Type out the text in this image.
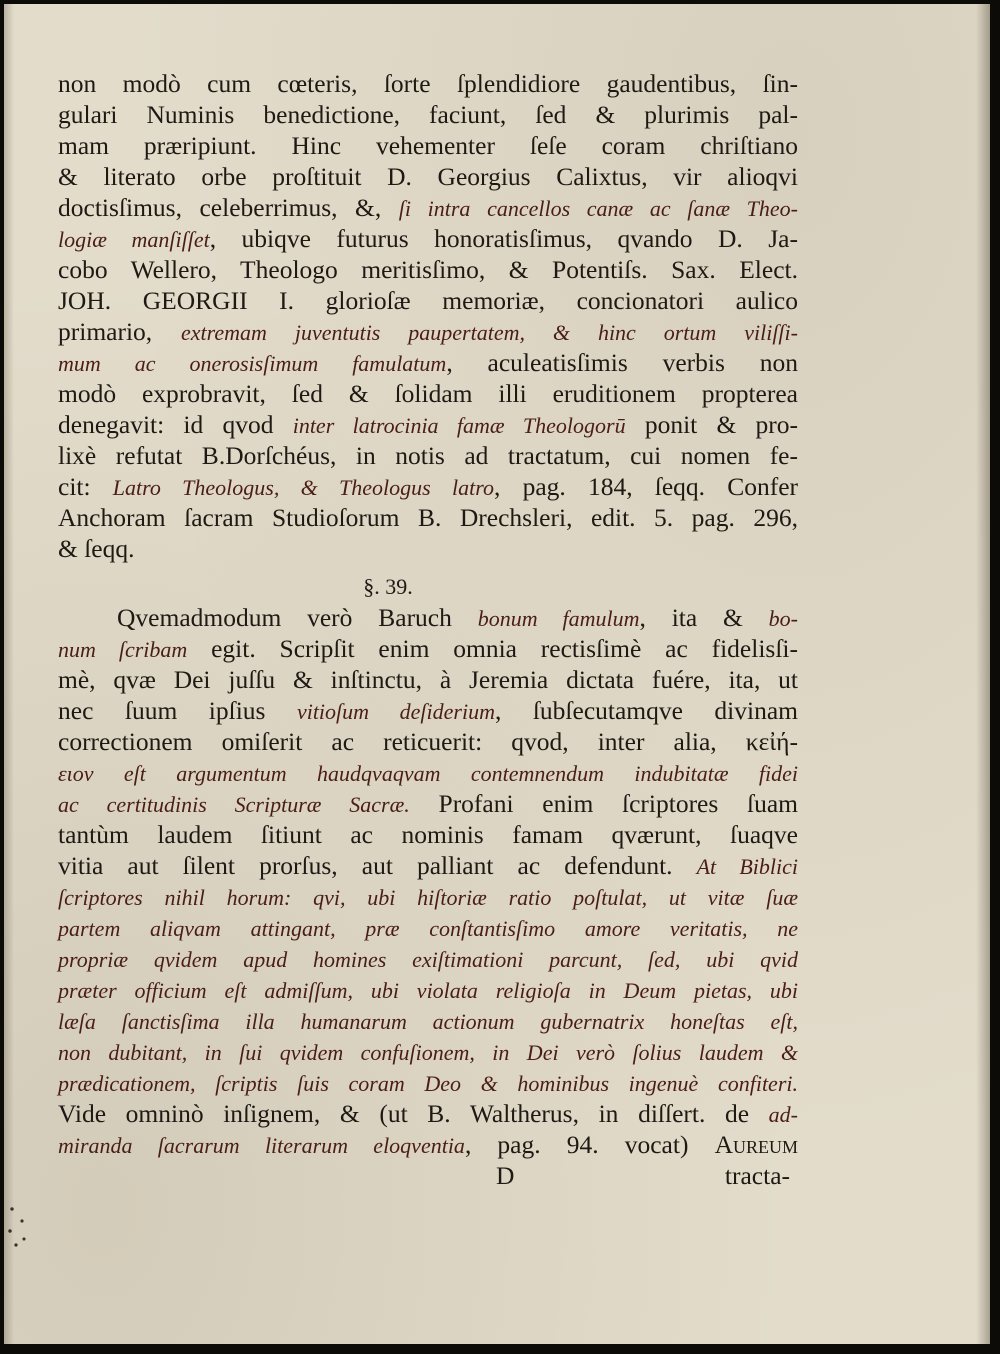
non modò cum cœteris, ſorte ſplendidiore gaudentibus, ſin-
gulari Numinis benedictione, faciunt, ſed & plurimis pal-
mam præripiunt. Hinc vehementer ſeſe coram chriſtiano
& literato orbe proſtituit D. Georgius Calixtus, vir alioqvi
doctisſimus, celeberrimus, &, ſi intra cancellos canæ ac ſanæ Theo-
logiæ manſiſſet, ubiqve futurus honoratisſimus, qvando D. Ja-
cobo Wellero, Theologo meritisſimo, & Potentiſs. Sax. Elect.
JOH. GEORGII I. glorioſæ memoriæ, concionatori aulico
primario, extremam juventutis paupertatem, & hinc ortum viliſſi-
mum ac onerosisſimum famulatum, aculeatisſimis verbis non
modò exprobravit, ſed & ſolidam illi eruditionem propterea
denegavit: id qvod inter latrocinia famæ Theologorū ponit & pro-
lixè refutat B.Dorſchéus, in notis ad tractatum, cui nomen fe-
cit: Latro Theologus, & Theologus latro, pag. 184, ſeqq. Confer
Anchoram ſacram Studioſorum B. Drechsleri, edit. 5. pag. 296,
& ſeqq.
§. 39.
Qvemadmodum verò Baruch bonum famulum, ita & bo-
num ſcribam egit. Scripſit enim omnia rectisſimè ac fidelisſi-
mè, qvæ Dei juſſu & inſtinctu, à Jeremia dictata fuére, ita, ut
nec ſuum ipſius vitioſum deſiderium, ſubſecutamqve divinam
correctionem omiſerit ac reticuerit: qvod, inter alia, κεἰή-
ειον eſt argumentum haudqvaqvam contemnendum indubitatæ fidei
ac certitudinis Scripturæ Sacræ. Profani enim ſcriptores ſuam
tantùm laudem ſitiunt ac nominis famam qværunt, ſuaqve
vitia aut ſilent prorſus, aut palliant ac defendunt. At Biblici
ſcriptores nihil horum: qvi, ubi hiſtoriæ ratio poſtulat, ut vitæ ſuæ
partem aliqvam attingant, præ conſtantisſimo amore veritatis, ne
propriæ qvidem apud homines exiſtimationi parcunt, ſed, ubi qvid
præter officium eſt admiſſum, ubi violata religioſa in Deum pietas, ubi
læſa ſanctisſima illa humanarum actionum gubernatrix honeſtas eſt,
non dubitant, in ſui qvidem confuſionem, in Dei verò ſolius laudem &
prædicationem, ſcriptis ſuis coram Deo & hominibus ingenuè confiteri.
Vide omninò inſignem, & (ut B. Waltherus, in diſſert. de ad-
miranda ſacrarum literarum eloqventia, pag. 94. vocat) Aureum
D	tracta-
